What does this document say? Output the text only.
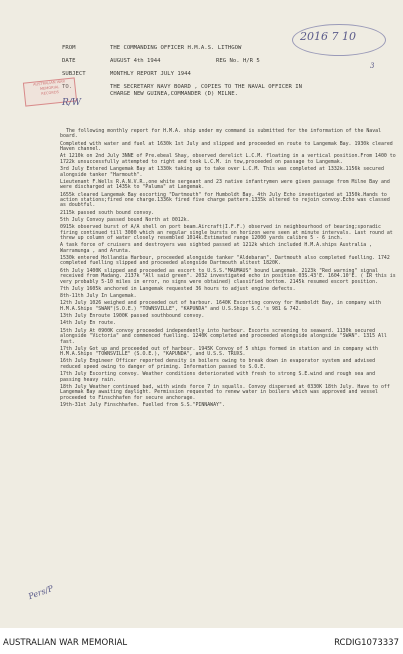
2016 7 10
3
FROM	THE COMMANDING OFFICER H.M.A.S. LITHGOW
DATE	AUGUST 4th 1944	REG No. H/R 5
SUBJECT	MONTHLY REPORT JULY 1944
TO.	THE SECRETARY NAVY BOARD , COPIES TO THE NAVAL OFFICER IN
CHARGE NEW GUINEA,COMMANDER (D) MILNE.
AUSTRALIAN WAR
MEMORIAL
RECORDS
R/W
Pers/P

The following monthly report for H.M.A. ship under my command is submitted for the information of the Naval board.

Completed with water and fuel at 1630k 1st July and slipped and proceeded en route to Langemak Bay. 1930k cleared Haven channel.

At 1210k on 2nd July 3NNE of Pre.ebeal Shay, observed derelict L.C.M. floating in a vertical position.From 1400 to 1722k unsuccessfully attempted to right and took L.C.M. in tow,proceeded on passage to Langemak.

3rd July Entered Langemak Bay at 1330k taking up to take over L.C.M. This was completed at 1332k.1156k secured alongside tanker "Harmouth".

Lieutenant F.Wells R.A.N.V.R.,one white sergeant and 23 native infantrymen were given passage from Milne Bay and were discharged at 1435k to "Paluma" at Langemak.

1655k cleared Langemak Bay escorting "Dartmouth" for Humboldt Bay. 4th July Echo investigated at 1350k.Hands to action stations;fired one charge.1336k fired five charge pattern.1335k altered to rejoin convoy.Echo was classed as doubtful.

2115k passed south bound convoy.

5th July Convoy passed bound North at 0012k.

0915k observed burst of A/A shell on port beam.Aircraft(I.F.F.) observed in neighbourhood of bearing;sporadic firing continued till 3000 which an regular single bursts on horizon were seen at minute intervals. Last round at threw up column of water closely resembled 1014k.Estimated range 12000 yards calibre 5 - 6 inch.

A task force of cruisers and destroyers was sighted passed at 1212k which included H.M.A.ships Australia , Warramunga , and Arunta.

1530k entered Hollandia Harbour, proceeded alongside tanker "Aldebaran". Dartmouth also completed fuelling. 1742 completed fuelling slipped and proceeded alongside Dartmouth alitest 1820K.

6th July 1400K slipped and proceeded as escort to U.S.S."MAUMAUS" bound Langemak. 2123k "Red warning" signal received from Madang. 2137k "All said green". 2032 investigated echo in position 03S.43'E. 1604.10'E. ( IR this is very probably 5-10 miles in error, no signs were obtained) classified bottom. 2145k resumed escort position.

7th July 1605k anchored in Langemak requested 36 hours to adjust engine defects.

8th-11th July In Langemak.

12th July 1026 weighed and proceeded out of harbour. 1640K Escorting convoy for Humboldt Bay, in company with H.M.A.Ships "SWAN"(S.O.E.) "TOWNSVILLE", "KAPUNDA" and U.S.Ships S.C.'s 981 & 742.

13th July Enroute 1900K passed southbound convoy.

14th July En route.

15th July At 0900K convoy proceeded independently into harbour. Escorts screening to seaward. 1130k secured alongside "Victoria" and commenced fuelling. 1240K completed and proceeded alongside alongside "SWAN". 1315 All fast.

17th July Got up and proceeded out of harbour. 1945K Convoy of 5 ships formed in station and in company with H.M.A.Ships "TOWNSVILLE" (S.O.E.), "KAPUNDA", and U.S.S. TRUXS.

16th July Engineer Officer reported density in boilers owing to break down in evaporator system and advised reduced speed owing to danger of priming. Information passed to S.O.E.

17th July Escorting convoy. Weather conditions deteriorated with fresh to strong S.E.wind and rough sea and passing heavy rain.

18th July Weather continued bad, with winds force 7 in squalls. Convoy dispersed at 0330K 18th July. Have to off Langemak Bay awaiting daylight. Permission requested to renew water in boilers which was approved and vessel proceeded to Finschhafen for secure anchorage.

19th-31st July Finschhafen. Fuelled from S.S."PINNAWAY".

AUSTRALIAN WAR MEMORIAL	RCDIG1073337
